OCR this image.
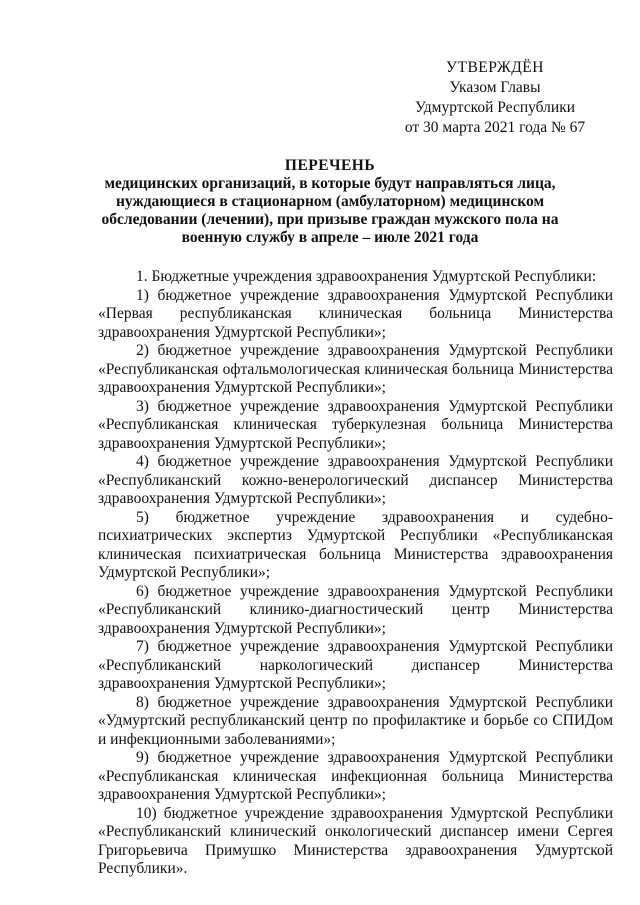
УТВЕРЖДЁН
Указом Главы
Удмуртской Республики
от 30 марта 2021 года № 67
ПЕРЕЧЕНЬ
медицинских организаций, в которые будут направляться лица, нуждающиеся в стационарном (амбулаторном) медицинском обследовании (лечении), при призыве граждан мужского пола на военную службу в апреле – июле 2021 года

1. Бюджетные учреждения здравоохранения Удмуртской Республики:

1) бюджетное учреждение здравоохранения Удмуртской Республики «Первая республиканская клиническая больница Министерства здравоохранения Удмуртской Республики»;

2) бюджетное учреждение здравоохранения Удмуртской Республики «Республиканская офтальмологическая клиническая больница Министерства здравоохранения Удмуртской Республики»;

3) бюджетное учреждение здравоохранения Удмуртской Республики «Республиканская клиническая туберкулезная больница Министерства здравоохранения Удмуртской Республики»;

4) бюджетное учреждение здравоохранения Удмуртской Республики «Республиканский кожно-венерологический диспансер Министерства здравоохранения Удмуртской Республики»;

5) бюджетное учреждение здравоохранения и судебно-психиатрических экспертиз Удмуртской Республики «Республиканская клиническая психиатрическая больница Министерства здравоохранения Удмуртской Республики»;

6) бюджетное учреждение здравоохранения Удмуртской Республики «Республиканский клинико-диагностический центр Министерства здравоохранения Удмуртской Республики»;

7) бюджетное учреждение здравоохранения Удмуртской Республики «Республиканский наркологический диспансер Министерства здравоохранения Удмуртской Республики»;

8) бюджетное учреждение здравоохранения Удмуртской Республики «Удмуртский республиканский центр по профилактике и борьбе со СПИДом и инфекционными заболеваниями»;

9) бюджетное учреждение здравоохранения Удмуртской Республики «Республиканская клиническая инфекционная больница Министерства здравоохранения Удмуртской Республики»;

10) бюджетное учреждение здравоохранения Удмуртской Республики «Республиканский клинический онкологический диспансер имени Сергея Григорьевича Примушко Министерства здравоохранения Удмуртской Республики».
